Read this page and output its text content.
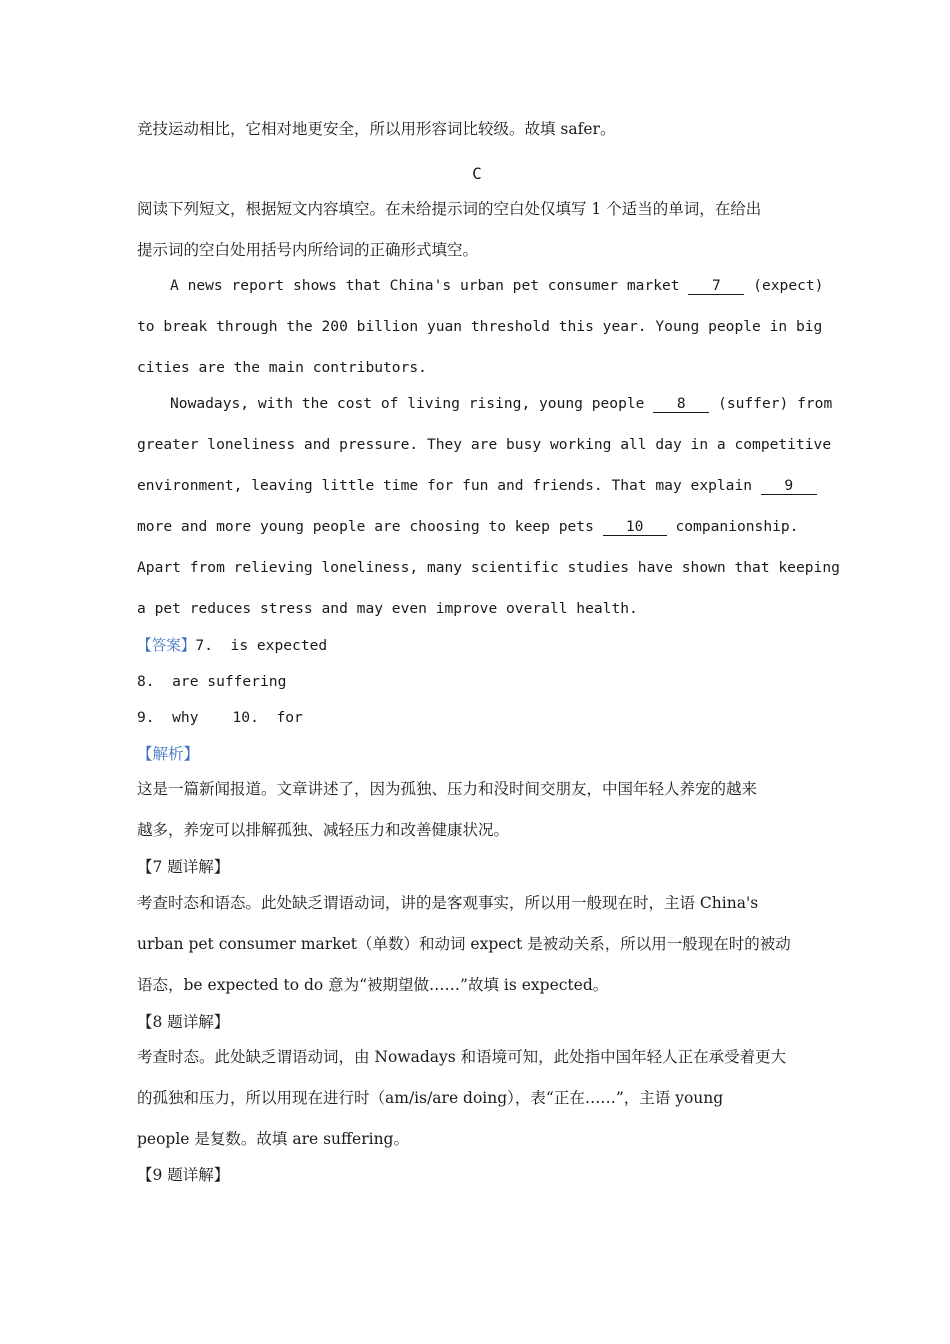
竞技运动相比，它相对地更安全，所以用形容词比较级。故填 safer。

C

阅读下列短文，根据短文内容填空。在未给提示词的空白处仅填写 1 个适当的单词，在给出

提示词的空白处用括号内所给词的正确形式填空。

A news report shows that China's urban pet consumer market 7 (expect)

to break through the 200 billion yuan threshold this year. Young people in big

cities are the main contributors.

Nowadays, with the cost of living rising, young people 8 (suffer) from

greater loneliness and pressure. They are busy working all day in a competitive

environment, leaving little time for fun and friends. That may explain 9

more and more young people are choosing to keep pets 10 companionship.

Apart from relieving loneliness, many scientific studies have shown that keeping

a pet reduces stress and may even improve overall health.

【答案】7.  is expected

8.  are suffering

9.  why 10.  for

【解析】

这是一篇新闻报道。文章讲述了，因为孤独、压力和没时间交朋友，中国年轻人养宠的越来

越多，养宠可以排解孤独、减轻压力和改善健康状况。

【7 题详解】

考查时态和语态。此处缺乏谓语动词，讲的是客观事实，所以用一般现在时，主语 China's

urban pet consumer market（单数）和动词 expect 是被动关系，所以用一般现在时的被动

语态，be expected to do 意为“被期望做……”故填 is expected。

【8 题详解】

考查时态。此处缺乏谓语动词，由 Nowadays 和语境可知，此处指中国年轻人正在承受着更大

的孤独和压力，所以用现在进行时（am/is/are doing），表“正在……”，主语 young

people 是复数。故填 are suffering。

【9 题详解】
